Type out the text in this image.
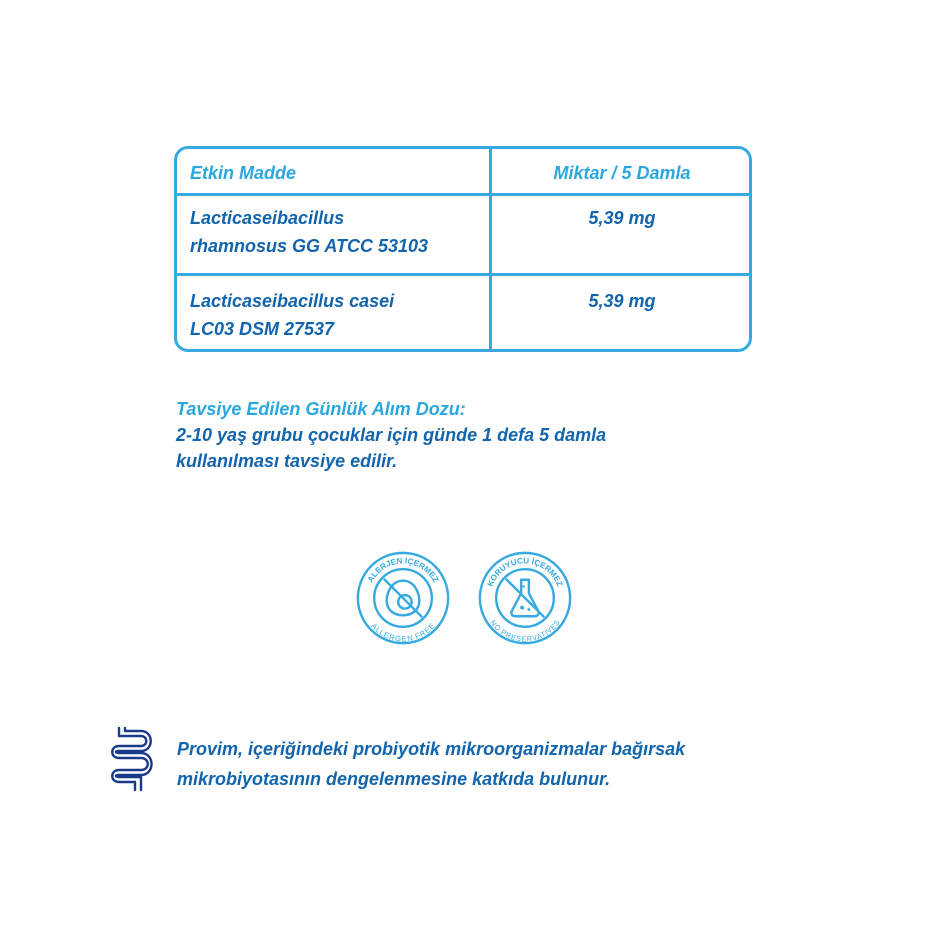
Etkin Madde	Miktar / 5 Damla
Lacticaseibacillus
rhamnosus GG ATCC 53103
5,39 mg
Lacticaseibacillus casei
LC03 DSM 27537
5,39 mg
Tavsiye Edilen Günlük Alım Dozu:
2-10 yaş grubu çocuklar için günde 1 defa 5 damla
kullanılması tavsiye edilir.
ALERJEN İÇERMEZ
ALLERGEN FREE
KORUYUCU İÇERMEZ
NO PRESERVATIVES
Provim, içeriğindeki probiyotik mikroorganizmalar bağırsak
mikrobiyotasının dengelenmesine katkıda bulunur.
